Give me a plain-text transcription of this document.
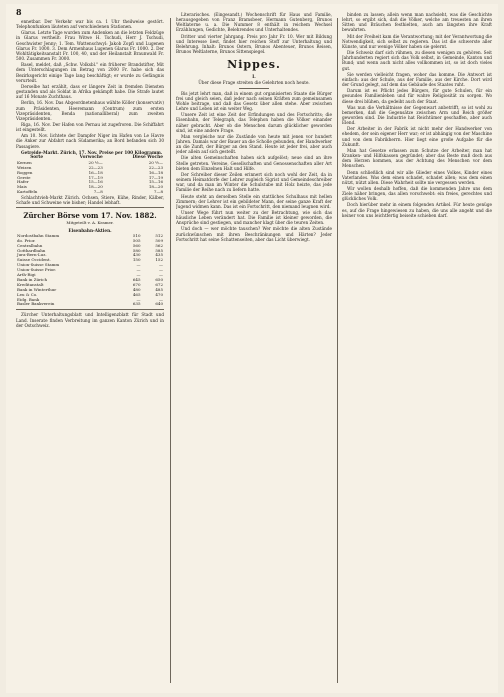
8

ennetbar. Der Verkehr war bis ca. 1 Uhr theilweise gestört. Telephonfunken läuteten auf verschiedenen Stationen.

Glarus. Letzte Tage wurden zum Andenken an die letzten Feldzüge in Glarus vertheilt: Frau Witwe H. Tschudi, Herr J. Tschudi, Geschwister Jenny; 1. Tem. Wattenschwyl: Jakob Zopfi und Lugenen Glarus Fr. 1000. 3. Dem Armenhaus Lugenen Glarus Fr. 1000. 2. Der Wohltätigkeitsanstalt Fr. 100, 40, und der Heilanstalt Braunwald Fr. 500. Zusammen Fr. 3000.

Basel, meldet, daß „Schw. Volksbl." ein früherer Brandstifter, Mit dem Unterschlagungen im Betrag von 2000 Fr. habe sich das Bezirksgericht einige Tage lang beschäftigt; er wurde zu Gefängnis verurteilt.

Derselbe hat erzählt, dass er längere Zeit in fremden Diensten gestanden und als Soldat in Afrika gekämpft habe. Die Strafe lautet auf 16 Monate Zuchthaus.

Berlin, 16. Nov. Das Abgeordnetenhaus wählte Köller (konservativ) zum Präsidenten, Heeremann (Centrum) zum ersten Vizepräsidenten, Benda (nationalliberal) zum zweiten Vizepräsidenten.

Riga, 16. Nov. Der Hafen von Pernau ist zugefroren. Die Schiffahrt ist eingestellt.

Am 10. Nov. lichtete der Dampfer Niger im Hafen von Le Havre die Anker zur Abfahrt nach Südamerika; an Bord befanden sich 30 Passagiere.

Getreide-Markt. Zürich, 17. Nov. Preise per 100 Kilogramm.

Sorte	Vorwoche	Diese Woche
Kernen	20 ½—	20 ½—
Weizen	22—23	22—23
Roggen	16—18	16—18
Gerste	17—19	17—19
Hafer	15—16	15—16
Mais	18—20	18—20
Kartoffeln	7—8	7—8

Schlachtvieh-Markt Zürich. Ochsen, Stiere, Kühe, Rinder, Kälber, Schafe und Schweine wie bisher; Handel lebhaft.

Zürcher Börse vom 17. Nov. 1882.
Mitgeteilt v. A. Kramer.
Eisenbahn-Aktien.
Nordostbahn Stamm	510	512
do. Prior.	505	509
Centralbahn	560	562
Gotthardbahn	580	585
Jura-Bern-Luz.	430	435
Suisse Occident.	150	152
Union-Suisse Stamm	—	—
Union-Suisse Prior.	—	—
Arth-Rigi	—	—
Bank in Zürich	645	650
Kreditanstalt	670	672
Bank in Winterthur	480	485
Leu & Co.	465	470
Eidg. Bank	—	—
Basler Bankverein	635	640

Zürcher Unterhaltungsblatt und Intelligenzblatt für Stadt und Land. Inserate finden Verbreitung im ganzen Kanton Zürich und in der Ostschweiz.

Literarisches. (Eingesandt.) Wochenschrift für Haus und Familie, herausgegeben von Franz Bramsbeer, Hermann Gutenberg, Brunos Weltlaterne u. a. Die Nummer 8 enthält in reichem Wechsel Erzählungen, Gedichte, Belehrendes und Unterhaltendes.

Dritter und vierter Jahrgang. Preis pro Jahr Fr. 10. Wer mit Bildung und Interesse liest, findet hier reichen Stoff zur Unterhaltung und Belehrung. Inhalt: Brunos Ostern, Brunos Abenteuer, Brunos Reisen, Brunos Weltlaterne, Brunos Sittenspiegel.

Nippes.
I.

Über diese Frage streiten die Gelehrten noch heute.

Bis jetzt lehrt man, daß in einem gut organisierten Staate die Bürger frei und gleich seien, daß jeder nach seinen Kräften zum gemeinsamen Wohle beitrage, und daß das Gesetz über allen stehe. Aber zwischen Lehre und Leben ist ein weiter Weg.

Unsere Zeit ist eine Zeit der Erfindungen und des Fortschritts; die Eisenbahn, der Telegraph, das Telephon haben die Völker einander näher gebracht. Aber ob die Menschen darum glücklicher geworden sind, ist eine andere Frage.

Man vergleiche nur die Zustände von heute mit jenen vor hundert Jahren. Damals war der Bauer an die Scholle gebunden, der Handwerker an die Zunft, der Bürger an den Stand. Heute ist jeder frei, aber auch jeder allein auf sich gestellt.

Die alten Gemeinschaften haben sich aufgelöst; neue sind an ihre Stelle getreten. Vereine, Gesellschaften und Genossenschaften aller Art bieten dem Einzelnen Halt und Hilfe.

Der Schreiber dieser Zeilen erinnert sich noch wohl der Zeit, da in seinem Heimatdorfe der Lehrer zugleich Sigrist und Gemeindeschreiber war, und da man im Winter die Schulstube mit Holz heizte, das jede Familie der Reihe nach zu liefern hatte.

Heute steht an derselben Stelle ein stattliches Schulhaus mit hellen Zimmern; der Lehrer ist ein gebildeter Mann, der seine ganze Kraft der Jugend widmen kann. Das ist ein Fortschritt, den niemand leugnen wird.

Unser Wege führt nun weiter zu der Betrachtung, wie sich das häusliche Leben verändert hat. Die Familie ist kleiner geworden, die Ansprüche sind gestiegen, und mancher klagt über die teuren Zeiten.

Und doch — wer möchte tauschen? Wer möchte die alten Zustände zurückwünschen mit ihren Beschränkungen und Härten? Jeder Fortschritt hat seine Schattenseiten, aber das Licht überwiegt.

binden zu lassen; allein wenn man nachsieht, was die Geschichte lehrt, so ergibt sich, daß die Völker, welche am treuesten an ihren Sitten und Bräuchen festhielten, auch am längsten ihre Kraft bewahrten.

Mit der Freiheit kam die Verantwortung; mit der Verantwortung die Notwendigkeit, sich selbst zu regieren. Das ist die schwerste aller Künste, und nur wenige Völker haben sie gelernt.

Die Schweiz darf sich rühmen, zu diesen wenigen zu gehören. Seit Jahrhunderten regiert sich das Volk selbst, in Gemeinde, Kanton und Bund; und wenn auch nicht alles vollkommen ist, so ist doch vieles gut.

Sie werden vielleicht fragen, woher das komme. Die Antwort ist einfach: aus der Schule, aus der Familie, aus der Kirche. Dort wird der Grund gelegt, auf dem das Gebäude des Staates ruht.

Darum ist es Pflicht jedes Bürgers, für gute Schulen, für ein gesundes Familienleben und für wahre Religiosität zu sorgen. Wo diese drei blühen, da gedeiht auch der Staat.

Was nun die Verhältnisse der Gegenwart anbetrifft, so ist wohl zu bemerken, daß die Gegensätze zwischen Arm und Reich größer geworden sind. Die Industrie hat Reichtümer geschaffen, aber auch Elend.

Der Arbeiter in der Fabrik ist nicht mehr der Handwerker von ehedem, der sein eigener Herr war; er ist abhängig von der Maschine und von dem Fabrikherrn. Hier liegt eine große Aufgabe für die Zukunft.

Man hat Gesetze erlassen zum Schutze der Arbeiter, man hat Kranken- und Hilfskassen gegründet; aber das Beste muß doch aus dem Herzen kommen, aus der Achtung des Menschen vor dem Menschen.

Denn schließlich sind wir alle Glieder eines Volkes, Kinder eines Vaterlandes. Was dem einen schadet, schadet allen; was dem einen nützt, nützt allen. Diese Wahrheit sollte nie vergessen werden.

Wir wollen deshalb hoffen, daß die kommenden Jahre uns dem Ziele näher bringen, das allen vorschwebt: ein freies, gerechtes und glückliches Volk.

Doch hierüber mehr in einem folgenden Artikel. Für heute genüge es, auf die Frage hingewiesen zu haben, die uns alle angeht und die keiner von uns leichtfertig beiseite schieben darf.
